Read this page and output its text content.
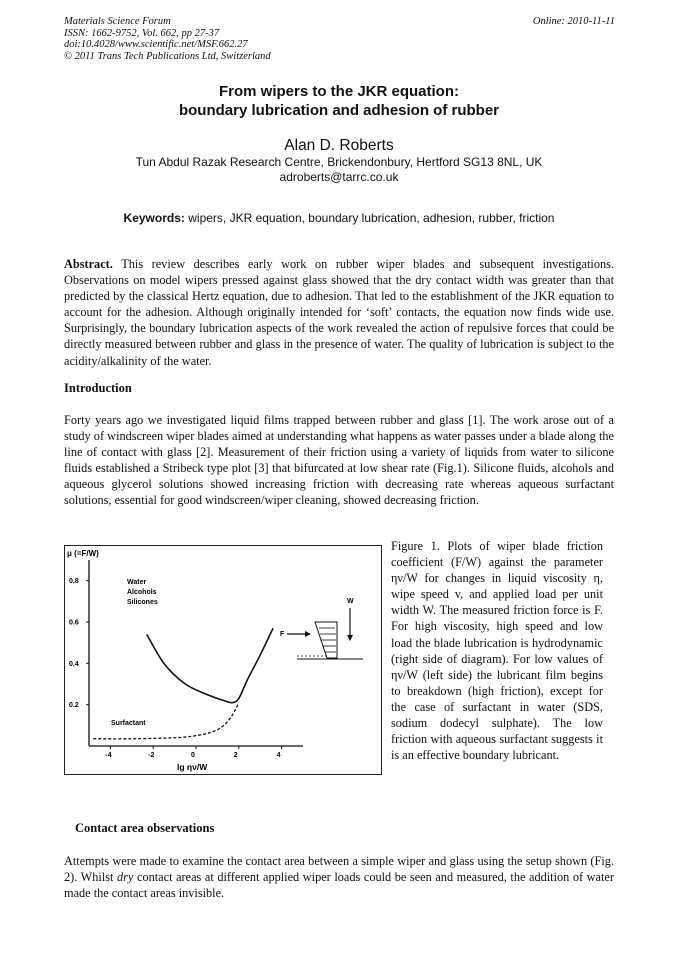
Materials Science Forum
ISSN: 1662-9752, Vol. 662, pp 27-37
doi:10.4028/www.scientific.net/MSF.662.27
© 2011 Trans Tech Publications Ltd, Switzerland
Online: 2010-11-11
From wipers to the JKR equation:
boundary lubrication and adhesion of rubber
Alan D. Roberts
Tun Abdul Razak Research Centre, Brickendonbury, Hertford SG13 8NL, UK
adroberts@tarrc.co.uk
Keywords: wipers, JKR equation, boundary lubrication, adhesion, rubber, friction
Abstract. This review describes early work on rubber wiper blades and subsequent investigations. Observations on model wipers pressed against glass showed that the dry contact width was greater than that predicted by the classical Hertz equation, due to adhesion. That led to the establishment of the JKR equation to account for the adhesion. Although originally intended for ‘soft’ contacts, the equation now finds wide use. Surprisingly, the boundary lubrication aspects of the work revealed the action of repulsive forces that could be directly measured between rubber and glass in the presence of water. The quality of lubrication is subject to the acidity/alkalinity of the water.
Introduction
Forty years ago we investigated liquid films trapped between rubber and glass [1]. The work arose out of a study of windscreen wiper blades aimed at understanding what happens as water passes under a blade along the line of contact with glass [2]. Measurement of their friction using a variety of liquids from water to silicone fluids established a Stribeck type plot [3] that bifurcated at low shear rate (Fig.1). Silicone fluids, alcohols and aqueous glycerol solutions showed increasing friction with decreasing rate whereas aqueous surfactant solutions, essential for good windscreen/wiper cleaning, showed decreasing friction.
μ (=F/W)
lg ην/W
0.8
0.6
0.4
0.2
-4	-2	0	2	4
Water
Alcohols
Silicones
Surfactant
W
F
Figure 1. Plots of wiper blade friction coefficient (F/W) against the parameter ην/W for changes in liquid viscosity η, wipe speed v, and applied load per unit width W. The measured friction force is F. For high viscosity, high speed and low load the blade lubrication is hydrodynamic (right side of diagram). For low values of ην/W (left side) the lubricant film begins to breakdown (high friction), except for the case of surfactant in water (SDS, sodium dodecyl sulphate). The low friction with aqueous surfactant suggests it is an effective boundary lubricant.
Contact area observations
Attempts were made to examine the contact area between a simple wiper and glass using the setup shown (Fig. 2). Whilst dry contact areas at different applied wiper loads could be seen and measured, the addition of water made the contact areas invisible.
